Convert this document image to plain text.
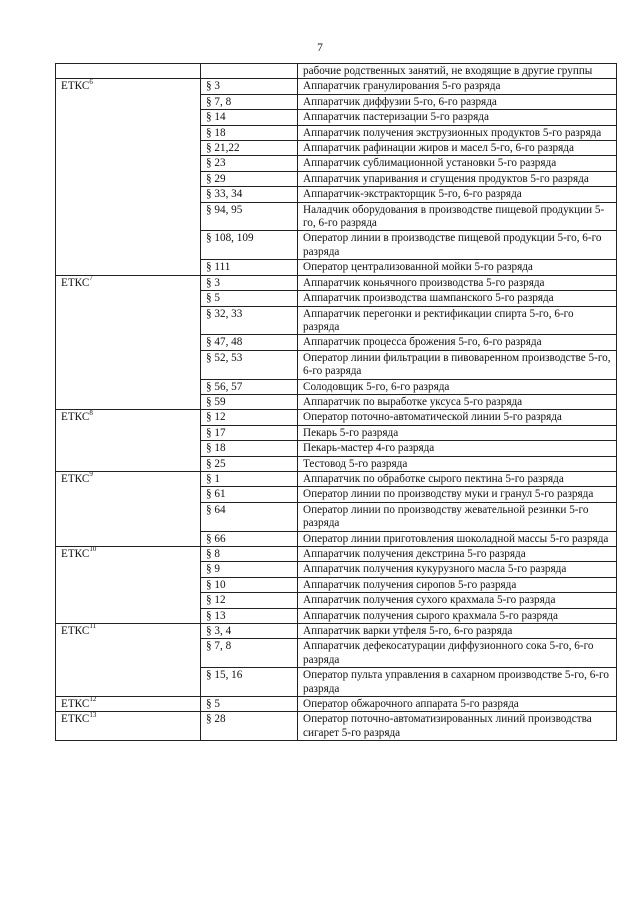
7
		рабочие родственных занятий, не входящие в другие группы
ЕТКС$^6$	§ 3	Аппаратчик гранулирования 5-го разряда
	§ 7, 8	Аппаратчик диффузии 5-го, 6-го разряда
	§ 14	Аппаратчик пастеризации 5-го разряда
	§ 18	Аппаратчик получения экструзионных продуктов 5-го разряда
	§ 21,22	Аппаратчик рафинации жиров и масел 5-го, 6-го разряда
	§ 23	Аппаратчик сублимационной установки 5-го разряда
	§ 29	Аппаратчик упаривания и сгущения продуктов 5-го разряда
	§ 33, 34	Аппаратчик-экстракторщик 5-го, 6-го разряда
	§ 94, 95	Наладчик оборудования в производстве пищевой продукции 5-го, 6-го разряда
	§ 108, 109	Оператор линии в производстве пищевой продукции 5-го, 6-го разряда
	§ 111	Оператор централизованной мойки 5-го разряда
ЕТКС$^7$	§ 3	Аппаратчик коньячного производства 5-го разряда
	§ 5	Аппаратчик производства шампанского 5-го разряда
	§ 32, 33	Аппаратчик перегонки и ректификации спирта 5-го, 6-го разряда
	§ 47, 48	Аппаратчик процесса брожения 5-го, 6-го разряда
	§ 52, 53	Оператор линии фильтрации в пивоваренном производстве 5-го, 6-го разряда
	§ 56, 57	Солодовщик 5-го, 6-го разряда
	§ 59	Аппаратчик по выработке уксуса 5-го разряда
ЕТКС$^8$	§ 12	Оператор поточно-автоматической линии 5-го разряда
	§ 17	Пекарь 5-го разряда
	§ 18	Пекарь-мастер 4-го разряда
	§ 25	Тестовод 5-го разряда
ЕТКС$^9$	§ 1	Аппаратчик по обработке сырого пектина 5-го разряда
	§ 61	Оператор линии по производству муки и гранул 5-го разряда
	§ 64	Оператор линии по производству жевательной резинки 5-го разряда
	§ 66	Оператор линии приготовления шоколадной массы 5-го разряда
ЕТКС$^{10}$	§ 8	Аппаратчик получения декстрина 5-го разряда
	§ 9	Аппаратчик получения кукурузного масла 5-го разряда
	§ 10	Аппаратчик получения сиропов 5-го разряда
	§ 12	Аппаратчик получения сухого крахмала 5-го разряда
	§ 13	Аппаратчик получения сырого крахмала 5-го разряда
ЕТКС$^{11}$	§ 3, 4	Аппаратчик варки утфеля 5-го, 6-го разряда
	§ 7, 8	Аппаратчик дефекосатурации диффузионного сока 5-го, 6-го разряда
	§ 15, 16	Оператор пульта управления в сахарном производстве 5-го, 6-го разряда
ЕТКС$^{12}$	§ 5	Оператор обжарочного аппарата 5-го разряда
ЕТКС$^{13}$	§ 28	Оператор поточно-автоматизированных линий производства сигарет 5-го разряда
